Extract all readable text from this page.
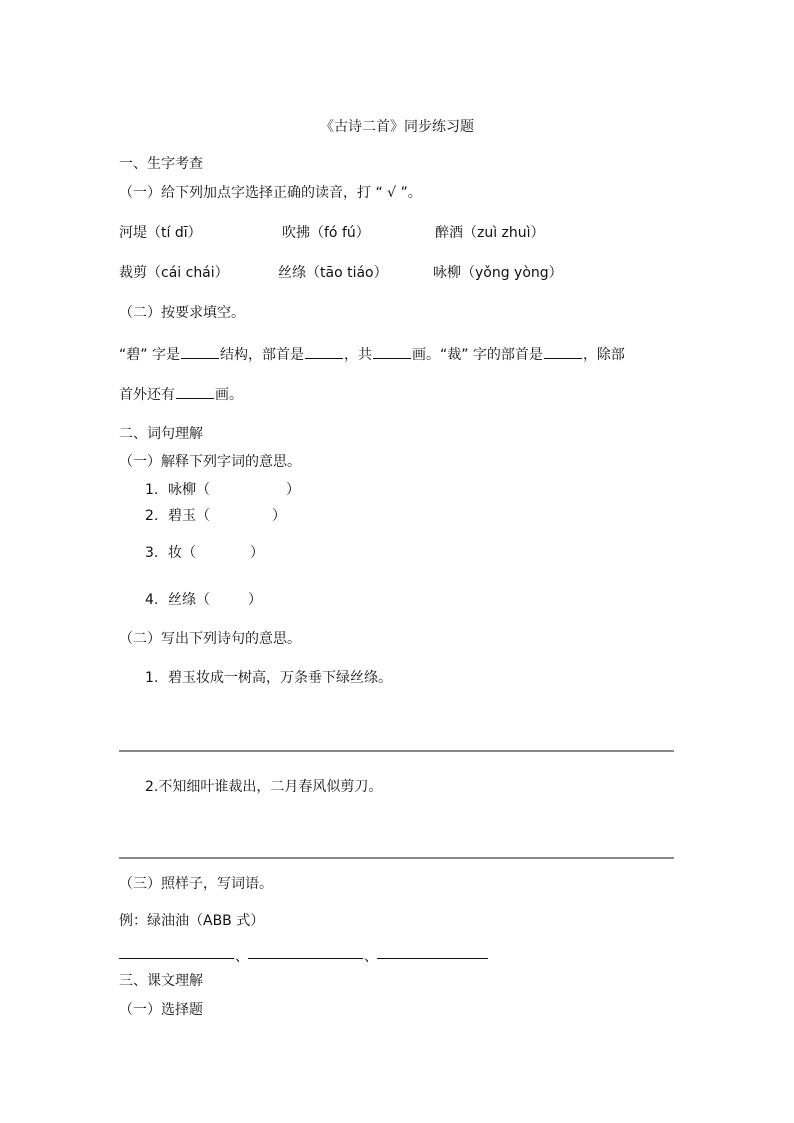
《古诗二首》同步练习题
一、生字考查
（一）给下列加点字选择正确的读音，打 “ √ ”。
河堤（tí dī）	吹拂（fó fú）	醉酒（zuì zhuì）
裁剪（cái chái）	丝绦（tāo tiáo）	咏柳（yǒng yòng）
（二）按要求填空。
“碧” 字是	结构，部首是	，共	画。“裁” 字的部首是	，除部
首外还有	画。
二、词句理解
（一）解释下列字词的意思。
1. 咏柳（	）
2. 碧玉（	）
3. 妆（	）
4. 丝绦（	）
（二）写出下列诗句的意思。
1. 碧玉妆成一树高，万条垂下绿丝绦。
2.不知细叶谁裁出，二月春风似剪刀。
（三）照样子，写词语。
例：绿油油（ABB 式）
、	、
三、课文理解
（一）选择题
